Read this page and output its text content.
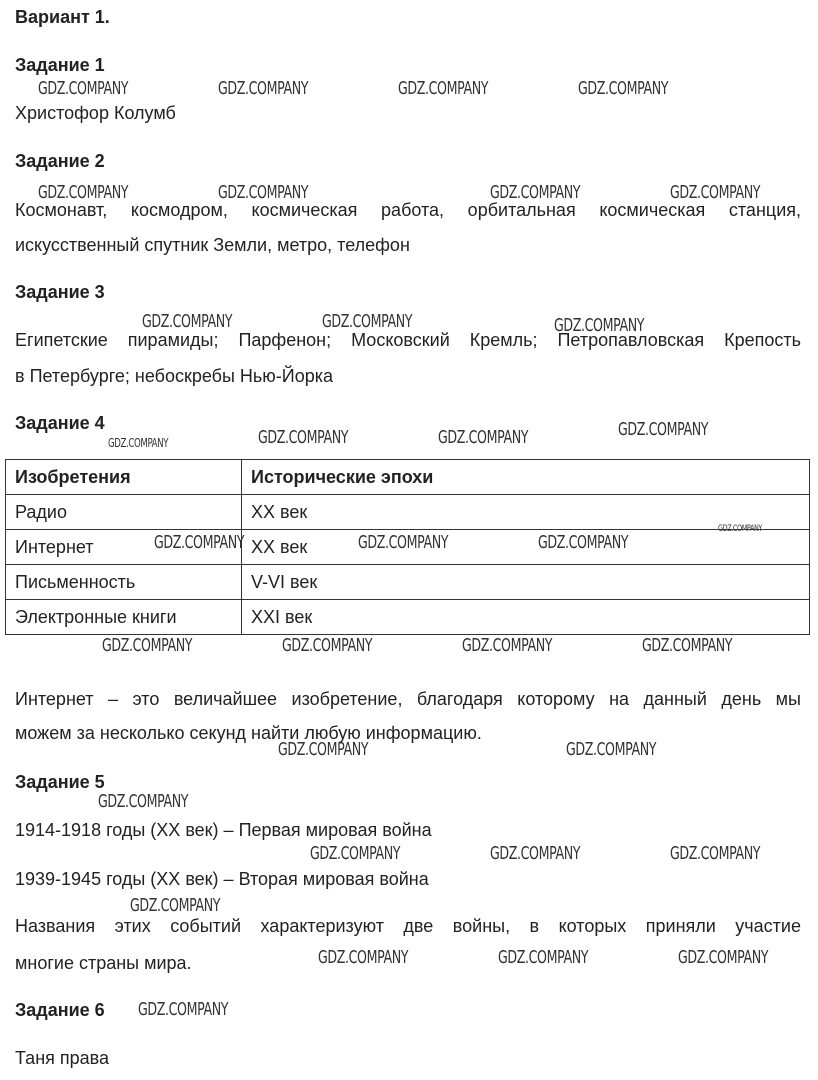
Вариант 1.
Задание 1
Христофор Колумб
Задание 2
Космонавт, космодром, космическая работа, орбитальная космическая станция,
искусственный спутник Земли, метро, телефон
Задание 3
Египетские пирамиды; Парфенон; Московский Кремль; Петропавловская Крепость
в Петербурге; небоскребы Нью-Йорка
Задание 4
Изобретения	Исторические эпохи
Радио	XX век
Интернет	XX век
Письменность	V-VI век
Электронные книги	XXI век
Интернет – это величайшее изобретение, благодаря которому на данный день мы
можем за несколько секунд найти любую информацию.
Задание 5
1914-1918 годы (XX век) – Первая мировая война
1939-1945 годы (XX век) – Вторая мировая война
Названия этих событий характеризуют две войны, в которых приняли участие
многие страны мира.
Задание 6
Таня права
GDZ.COMPANY	GDZ.COMPANY	GDZ.COMPANY	GDZ.COMPANY
GDZ.COMPANY	GDZ.COMPANY	GDZ.COMPANY	GDZ.COMPANY
GDZ.COMPANY	GDZ.COMPANY	GDZ.COMPANY
GDZ.COMPANY	GDZ.COMPANY	GDZ.COMPANY	GDZ.COMPANY
GDZ.COMPANY
GDZ.COMPANY	GDZ.COMPANY	GDZ.COMPANY
GDZ.COMPANY	GDZ.COMPANY	GDZ.COMPANY	GDZ.COMPANY
GDZ.COMPANY	GDZ.COMPANY
GDZ.COMPANY
GDZ.COMPANY	GDZ.COMPANY	GDZ.COMPANY
GDZ.COMPANY
GDZ.COMPANY	GDZ.COMPANY	GDZ.COMPANY
GDZ.COMPANY
